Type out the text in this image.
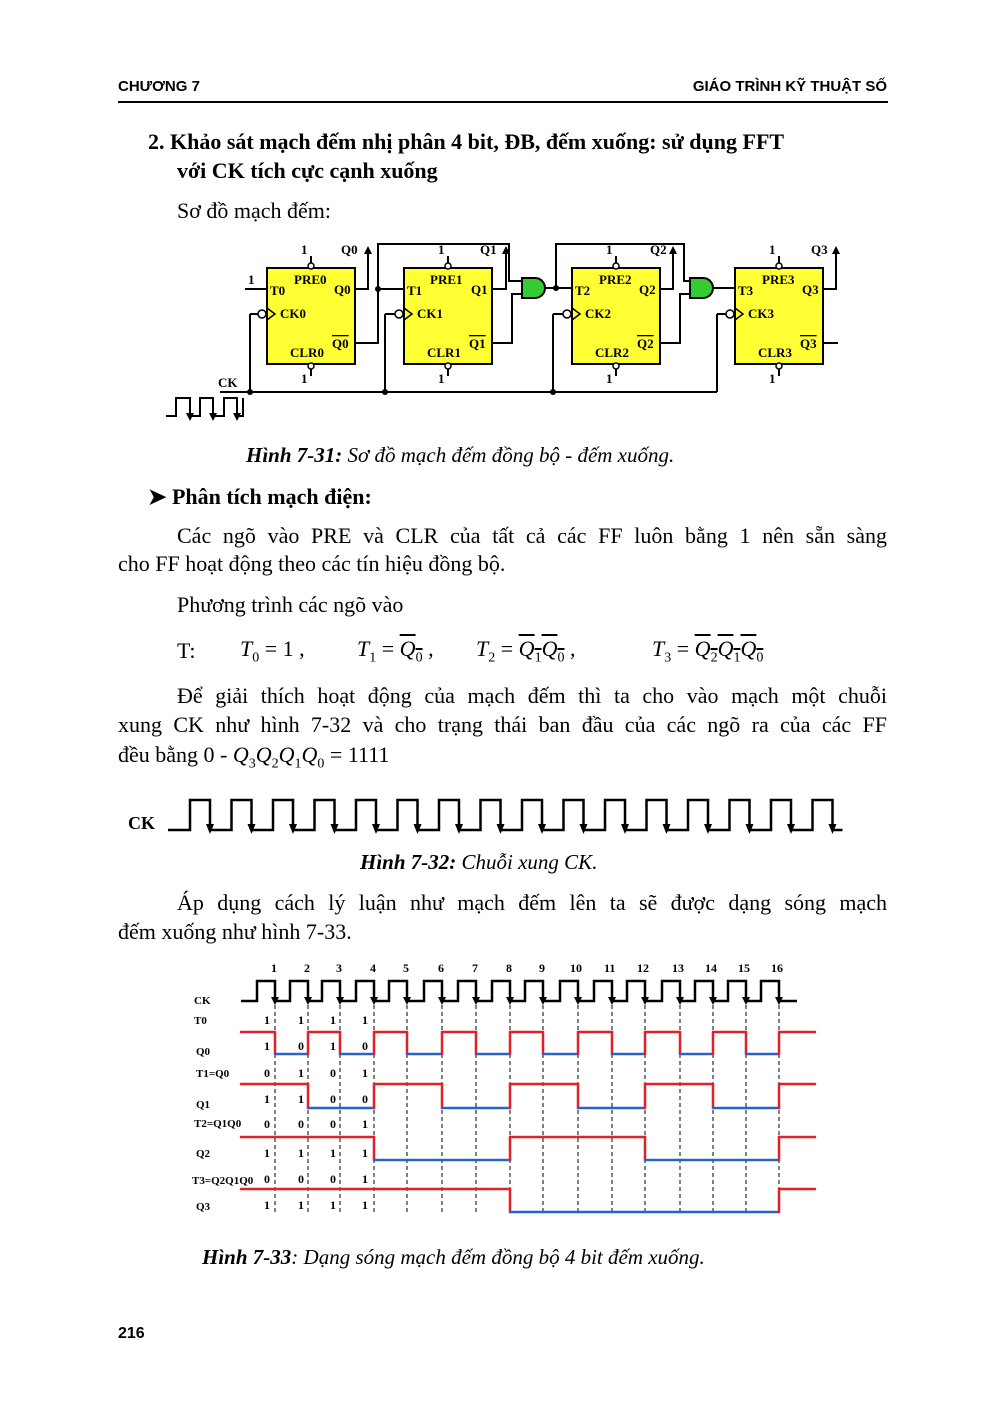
CHƯƠNG 7	GIÁO TRÌNH KỸ THUẬT SỐ
2. Khảo sát mạch đếm nhị phân 4 bit, ĐB, đếm xuống: sử dụng FFT
với CK tích cực cạnh xuống
Sơ đồ mạch đếm:
PRE0
T0	Q0
CK0
Q0
CLR0
PRE1
T1	Q1
CK1
Q1
CLR1
PRE2
T2	Q2
CK2
Q2
CLR2
PRE3
T3	Q3
CK3
Q3
CLR3
Q0	Q1	Q2	Q3
1	1	1	1
1	1	1	1
1
CK
Hình 7-31: Sơ đồ mạch đếm đồng bộ - đếm xuống.
➤ Phân tích mạch điện:
Các ngõ vào PRE và CLR của tất cả các FF luôn bằng 1 nên sẵn sàng
cho FF hoạt động theo các tín hiệu đồng bộ.
Phương trình các ngõ vào
T: $T_0 = 1$ , $T_1 = Q_0$ , $T_2 = Q_1Q_0$ ,	$T_3 = Q_2Q_1Q_0$
Để giải thích hoạt động của mạch đếm thì ta cho vào mạch một chuỗi
xung CK như hình 7-32 và cho trạng thái ban đầu của các ngõ ra của các FF
đều bằng $0 - Q_3Q_2Q_1Q_0 = 1111$
CK
Hình 7-32: Chuỗi xung CK.
Áp dụng cách lý luận như mạch đếm lên ta sẽ được dạng sóng mạch
đếm xuống như hình 7-33.
1 2 3 4 5 6 7 8 9 10 11 12 13 14 15 16
1 1 1 1
1 0 1 0
0 1 0 1
1 1 0 0
0 0 0 1
1 1 1 1
0 0 0 1
1 1 1 1
CK
T0
Q0
T1=Q0
Q1
T2=Q1Q0
Q2
T3=Q2Q1Q0
Q3
Hình 7-33: Dạng sóng mạch đếm đồng bộ 4 bit đếm xuống.
216
